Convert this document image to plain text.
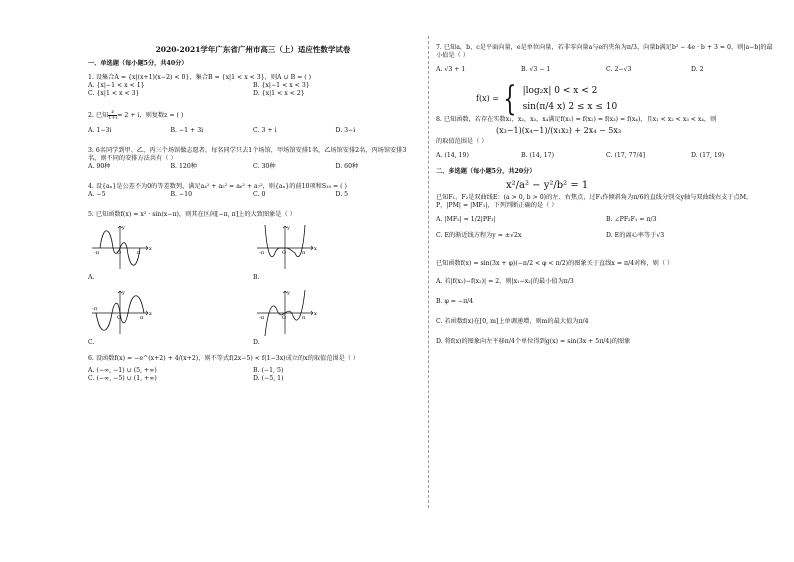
2020-2021学年广东省广州市高三（上）适应性数学试卷
一、单选题（每小题5分，共40分）
1. 设集合A = {x|(x+1)(x−2) < 0}，集合B = {x|1 < x < 3}，则A ∪ B = ( )
A. {x|−1 < x < 1}	B. {x|−1 < x < 3}
C. {x|1 < x < 3}	D. {x|1 < x < 2}
2. 已知 $\frac{z}{1+i} = 2 + i$，则复数z = ( )
A. 1−3i	B. −1 + 3i	C. 3 + i	D. 3−i
3. 6名同学到甲、乙、丙三个场馆做志愿者，每名同学只去1个场馆，甲场馆安排1名，乙场馆安排2名，丙场馆安排3名，则不同的安排方法共有（ ）
A. 90种	B. 120种	C. 30种	D. 60种
4. 设{aₙ}是公差不为0的等差数列，满足a₄² + a₅² = a₆² + a₇²，则{aₙ}的前10项和S₁₀ = ( )
A. −5	B. −10	C. 0	D. 5
5. 已知函数f(x) = x² · sin(x−π)，则其在区间[−π, π]上的大致图象是（ ）
x
y
-π	O	π
A.
x
y
-π	O	π
B.
x
y
-π
O	π
C.
x
y
-π	O	π
D.
6. 设函数f(x) = −e^(x+2) + 4/(x+2)，则不等式f(2x−5) < f(1−3x)成立的x的取值范围是（ ）
A. (−∞, −1) ∪ (5, +∞)	B. (−1, 5)
C. (−∞, −5) ∪ (1, +∞)	D. (−5, 1)
7. 已知a，b，c是平面向量，e是单位向量，若非零向量a与e的夹角为π/3，向量b满足b² − 4e · b + 3 = 0，则|a−b|的最小值是（ ）
A. √3 + 1	B. √3 − 1	C. 2−√3	D. 2
f(x) = { |log₂x| 0 < x < 2
sin(π/4 x) 2 ≤ x ≤ 10
8. 已知函数，若存在实数x₁，x₂，x₃，x₄满足f(x₁) = f(x₂) = f(x₃) = f(x₄)，且x₁ < x₂ < x₃ < x₄，则
(x₃−1)(x₄−1)/(x₁x₂) + 2x₄ − 5x₃
的取值范围是（ ）
A. (14, 19)	B. (14, 17)	C. (17, 77/4]	D. (17, 19)
二、多选题（每小题5分，共20分）
x²/a² − y²/b² = 1
已知F₁，F₂是双曲线E：(a > 0, b > 0)的左、右焦点，过F₁作倾斜角为π/6的直线分别交y轴与双曲线右支于点M，P，|PM| = |MF₁|，下列判断正确的是（ ）
A. |MF₂| = 1/2|PF₁|	B. ∠PF₂F₁ = π/3
C. E的渐近线方程为y = ±√2x	D. E的离心率等于√3
已知函数f(x) = sin(3x + φ)(−π/2 < φ < π/2)的图象关于直线x = π/4对称，则（ ）
A. 若|f(x₁)−f(x₂)| = 2，则|x₁−x₂|的最小值为π/3
B. φ = −π/4
C. 若函数f(x)在[0, m]上单调递增，则m的最大值为π/4
D. 将f(x)的图象向左平移π/4个单位得到g(x) = sin(3x + 5π/4)的图象
